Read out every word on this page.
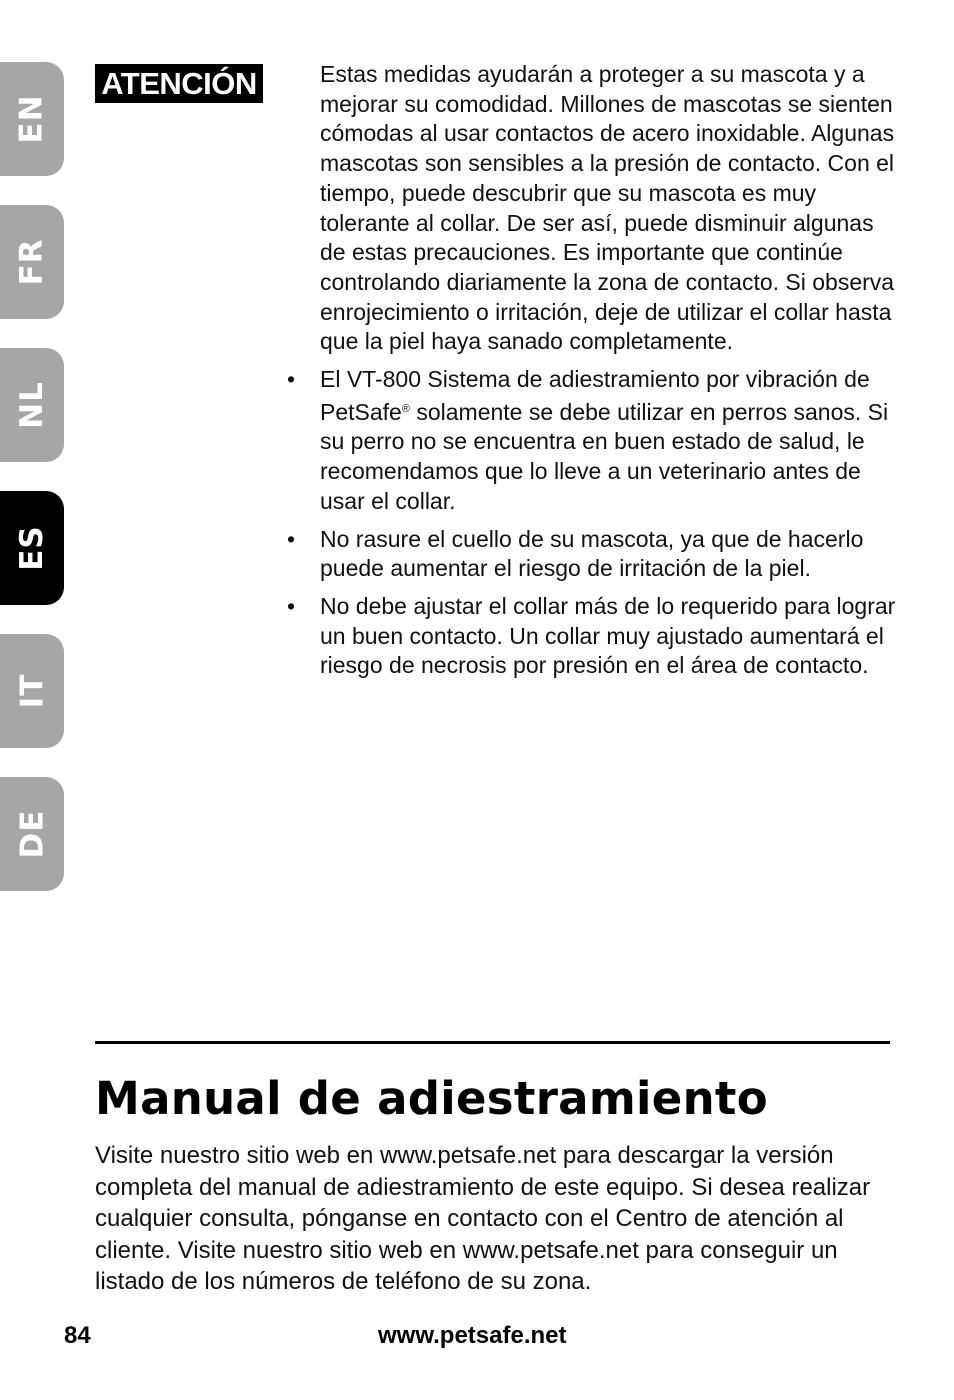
EN
FR
NL
ES
IT
DE
ATENCIÓN	Estas medidas ayudarán a proteger a su mascota y a mejorar su comodidad. Millones de mascotas se sienten cómodas al usar contactos de acero inoxidable. Algunas mascotas son sensibles a la presión de contacto. Con el tiempo, puede descubrir que su mascota es muy tolerante al collar. De ser así, puede disminuir algunas de estas precauciones. Es importante que continúe controlando diariamente la zona de contacto. Si observa enrojecimiento o irritación, deje de utilizar el collar hasta que la piel haya sanado completamente.

• El VT-800 Sistema de adiestramiento por vibración de PetSafe® solamente se debe utilizar en perros sanos. Si su perro no se encuentra en buen estado de salud, le recomendamos que lo lleve a un veterinario antes de usar el collar.
• No rasure el cuello de su mascota, ya que de hacerlo puede aumentar el riesgo de irritación de la piel.
• No debe ajustar el collar más de lo requerido para lograr un buen contacto. Un collar muy ajustado aumentará el riesgo de necrosis por presión en el área de contacto.
Manual de adiestramiento

Visite nuestro sitio web en www.petsafe.net para descargar la versión completa del manual de adiestramiento de este equipo. Si desea realizar cualquier consulta, pónganse en contacto con el Centro de atención al cliente. Visite nuestro sitio web en www.petsafe.net para conseguir un listado de los números de teléfono de su zona.

84	www.petsafe.net
